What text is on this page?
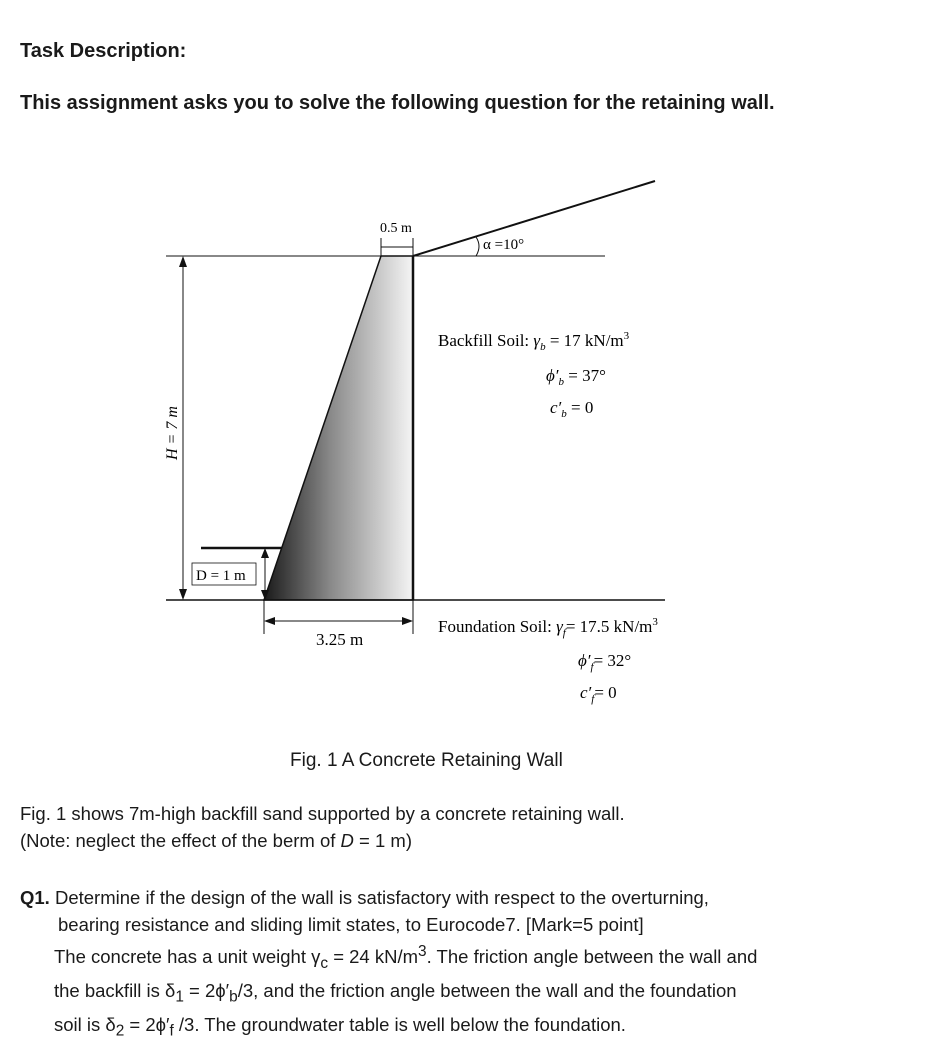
Task Description:
This assignment asks you to solve the following question for the retaining wall.
0.5 m
α =10°
H = 7 m
D = 1 m
3.25 m
Backfill Soil: $\gamma_b = 17$ $kN/m^3$
$\phi'_b = 37^\circ$
$c'_b = 0$
Foundation Soil: $\gamma_f= 17.5$ $kN/m^3$
$\phi'_f= 32^\circ$
$c'_f= 0$
Fig. 1 A Concrete Retaining Wall
Fig. 1 shows 7m-high backfill sand supported by a concrete retaining wall.
(Note: neglect the effect of the berm of D = 1 m)
Q1. Determine if the design of the wall is satisfactory with respect to the overturning,
bearing resistance and sliding limit states, to Eurocode7. [Mark=5 point]
The concrete has a unit weight $\gamma_c = 24$ $kN/m^3$. The friction angle between the wall and
the backfill is $\delta_1 = 2\phi'_b/3$, and the friction angle between the wall and the foundation
soil is $\delta_2 = 2\phi'_f$ /3. The groundwater table is well below the foundation.
